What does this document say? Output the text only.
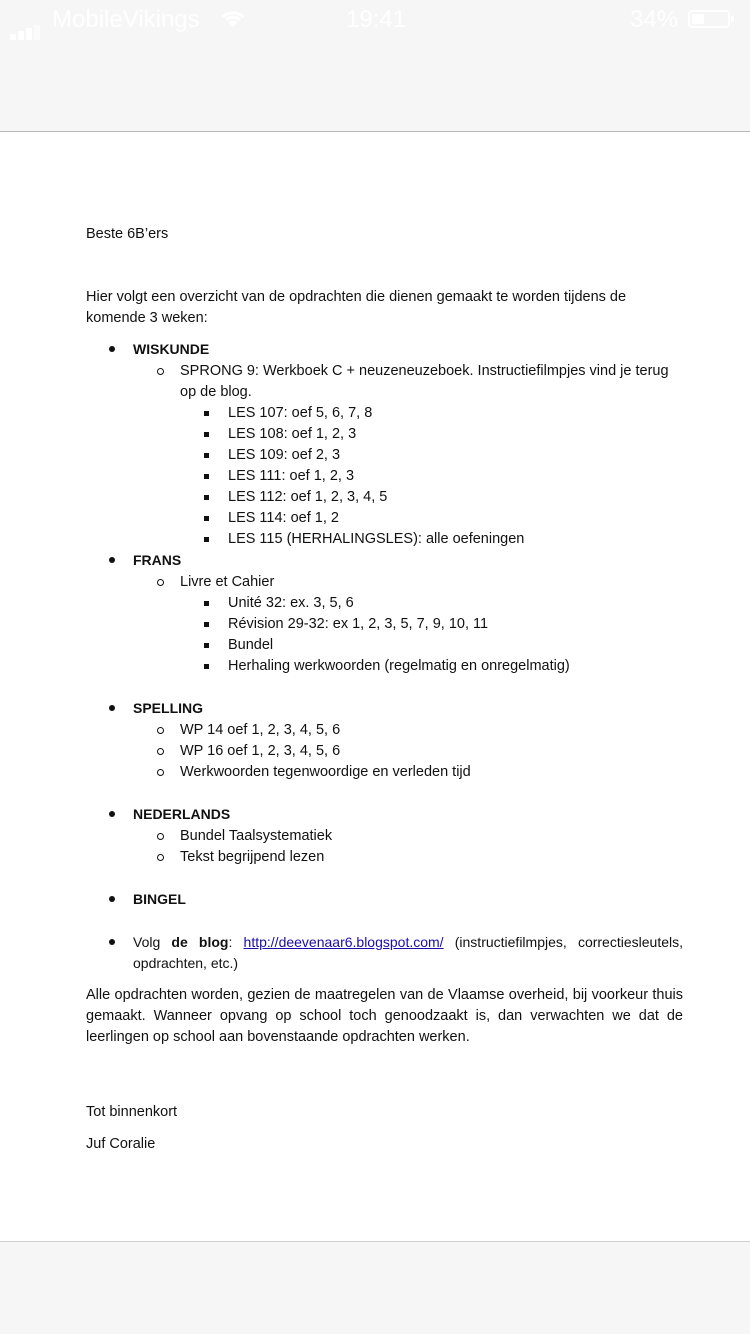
MobileVikings	19:41	34%

Beste 6B’ers

Hier volgt een overzicht van de opdrachten die dienen gemaakt te worden tijdens de komende 3 weken:

WISKUNDE
SPRONG 9: Werkboek C + neuzeneuzeboek. Instructiefilmpjes vind je terug op de blog.
LES 107: oef 5, 6, 7, 8
LES 108: oef 1, 2, 3
LES 109: oef 2, 3
LES 111: oef 1, 2, 3
LES 112: oef 1, 2, 3, 4, 5
LES 114: oef 1, 2
LES 115 (HERHALINGSLES): alle oefeningen
FRANS
Livre et Cahier
Unité 32: ex. 3, 5, 6
Révision 29-32: ex 1, 2, 3, 5, 7, 9, 10, 11
Bundel
Herhaling werkwoorden (regelmatig en onregelmatig)
SPELLING
WP 14 oef 1, 2, 3, 4, 5, 6
WP 16 oef 1, 2, 3, 4, 5, 6
Werkwoorden tegenwoordige en verleden tijd
NEDERLANDS
Bundel Taalsystematiek
Tekst begrijpend lezen
BINGEL
Volg de blog: http://deevenaar6.blogspot.com/ (instructiefilmpjes, correctiesleutels, opdrachten, etc.)

Alle opdrachten worden, gezien de maatregelen van de Vlaamse overheid, bij voorkeur thuis gemaakt. Wanneer opvang op school toch genoodzaakt is, dan verwachten we dat de leerlingen op school aan bovenstaande opdrachten werken.

Tot binnenkort

Juf Coralie
